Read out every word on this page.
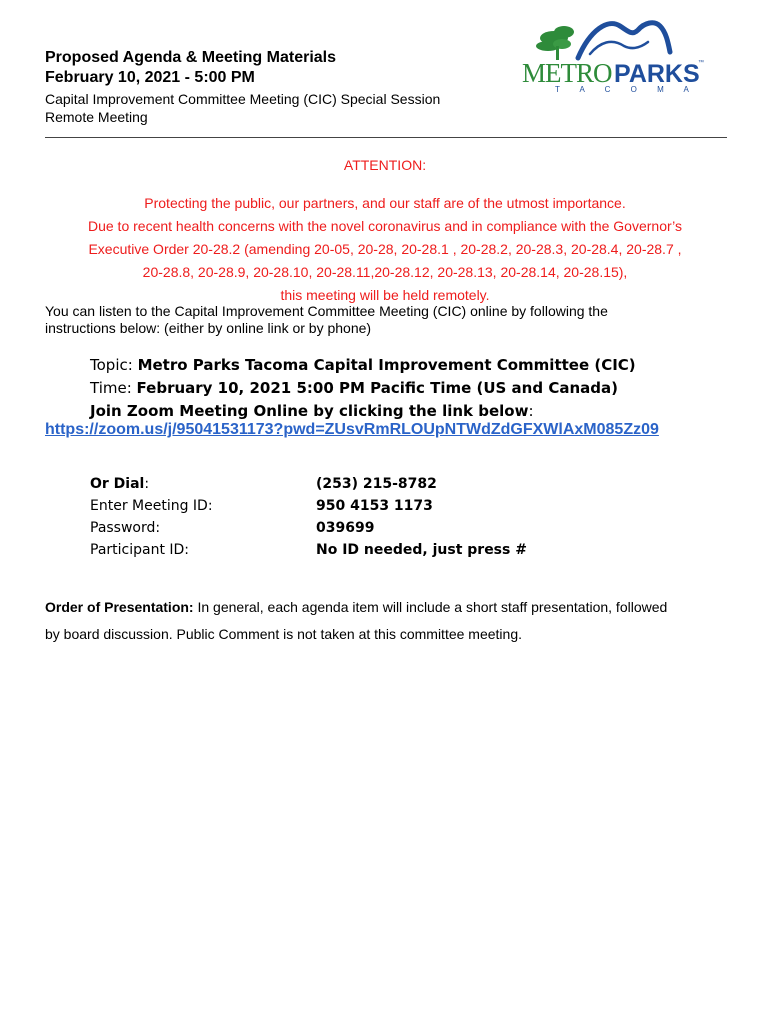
Proposed Agenda & Meeting Materials
February 10, 2021 - 5:00 PM
Capital Improvement Committee Meeting (CIC) Special Session
Remote Meeting
METRO PARKS
™
T A C O M A
ATTENTION:
Protecting the public, our partners, and our staff are of the utmost importance.
Due to recent health concerns with the novel coronavirus and in compliance with the Governor’s
Executive Order 20-28.2 (amending 20-05, 20-28, 20-28.1 , 20-28.2, 20-28.3, 20-28.4, 20-28.7 ,
20-28.8, 20-28.9, 20-28.10, 20-28.11,20-28.12, 20-28.13, 20-28.14, 20-28.15),
this meeting will be held remotely.
You can listen to the Capital Improvement Committee Meeting (CIC) online by following the
instructions below: (either by online link or by phone)
Topic: Metro Parks Tacoma Capital Improvement Committee (CIC)
Time: February 10, 2021 5:00 PM Pacific Time (US and Canada)
Join Zoom Meeting Online by clicking the link below:
https://zoom.us/j/95041531173?pwd=ZUsvRmRLOUpNTWdZdGFXWlAxM085Zz09
Or Dial:
Enter Meeting ID:
Password:
Participant ID:
(253) 215-8782
950 4153 1173
039699
No ID needed, just press #
Order of Presentation: In general, each agenda item will include a short staff presentation, followed
by board discussion. Public Comment is not taken at this committee meeting.
